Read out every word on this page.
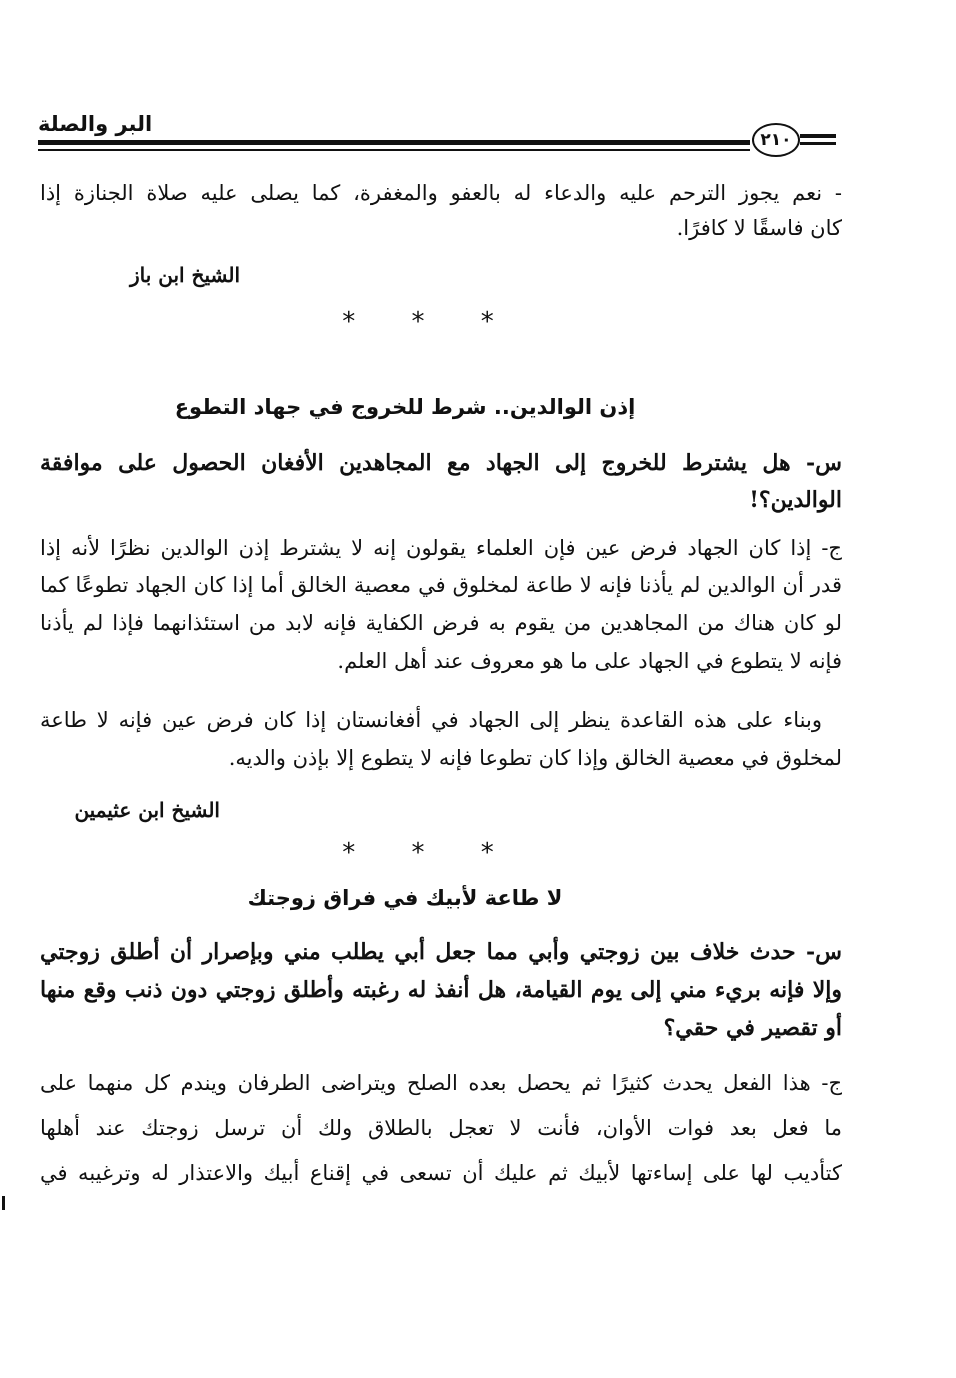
البر والصلة
٢١٠
- نعم يجوز الترحم عليه والدعاء له بالعفو والمغفرة، كما يصلى عليه صلاة الجنازة إذا
كان فاسقًا لا كافرًا.
الشيخ ابن باز
* * *
إذن الوالدين.. شرط للخروج في جهاد التطوع
س- هل يشترط للخروج إلى الجهاد مع المجاهدين الأفغان الحصول على موافقة
الوالدين؟!
ج- إذا كان الجهاد فرض عين فإن العلماء يقولون إنه لا يشترط إذن الوالدين نظرًا لأنه إذا
قدر أن الوالدين لم يأذنا فإنه لا طاعة لمخلوق في معصية الخالق أما إذا كان الجهاد تطوعًا كما
لو كان هناك من المجاهدين من يقوم به فرض الكفاية فإنه لابد من استئذانهما فإذا لم يأذنا
فإنه لا يتطوع في الجهاد على ما هو معروف عند أهل العلم.
وبناء على هذه القاعدة ينظر إلى الجهاد في أفغانستان إذا كان فرض عين فإنه لا طاعة
لمخلوق في معصية الخالق وإذا كان تطوعا فإنه لا يتطوع إلا بإذن والديه.
الشيخ ابن عثيمين
* * *
لا طاعة لأبيك في فراق زوجتك
س- حدث خلاف بين زوجتي وأبي مما جعل أبي يطلب مني وبإصرار أن أطلق زوجتي
وإلا فإنه بريء مني إلى يوم القيامة، هل أنفذ له رغبته وأطلق زوجتي دون ذنب وقع منها
أو تقصير في حقي؟
ج- هذا الفعل يحدث كثيرًا ثم يحصل بعده الصلح ويتراضى الطرفان ويندم كل منهما على
ما فعل بعد فوات الأوان، فأنت لا تعجل بالطلاق ولك أن ترسل زوجتك عند أهلها
كتأديب لها على إساءتها لأبيك ثم عليك أن تسعى في إقناع أبيك والاعتذار له وترغيبه في
